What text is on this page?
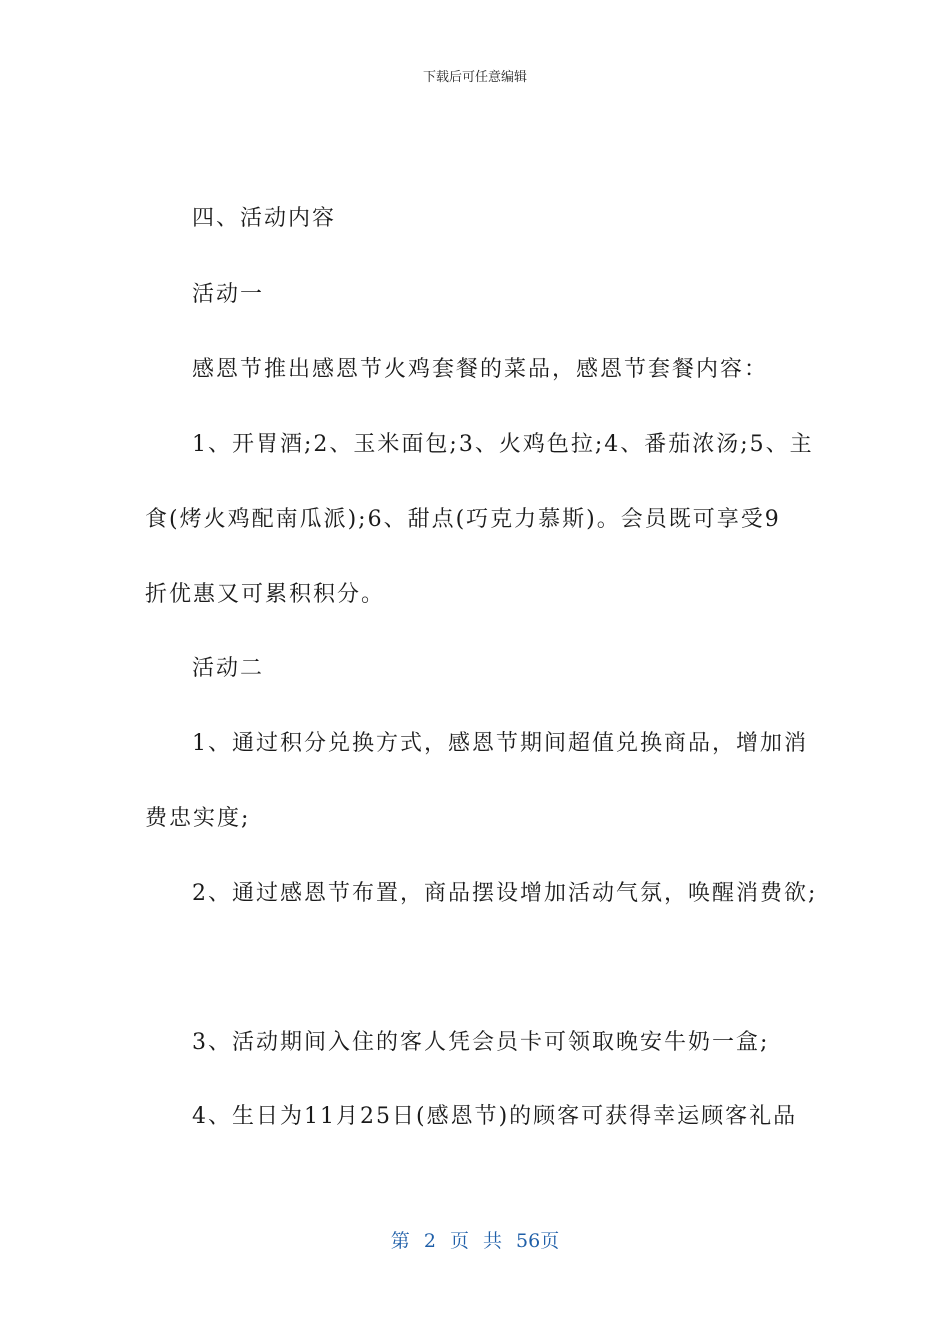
下载后可任意编辑
四、活动内容
活动一
感恩节推出感恩节火鸡套餐的菜品，感恩节套餐内容：
1、开胃酒;2、玉米面包;3、火鸡色拉;4、番茄浓汤;5、主
食(烤火鸡配南瓜派);6、甜点(巧克力慕斯)。会员既可享受9
折优惠又可累积积分。
活动二
1、通过积分兑换方式，感恩节期间超值兑换商品，增加消
费忠实度;
2、通过感恩节布置，商品摆设增加活动气氛，唤醒消费欲;
3、活动期间入住的客人凭会员卡可领取晚安牛奶一盒;
4、生日为11月25日(感恩节)的顾客可获得幸运顾客礼品
第 2 页 共 56页
